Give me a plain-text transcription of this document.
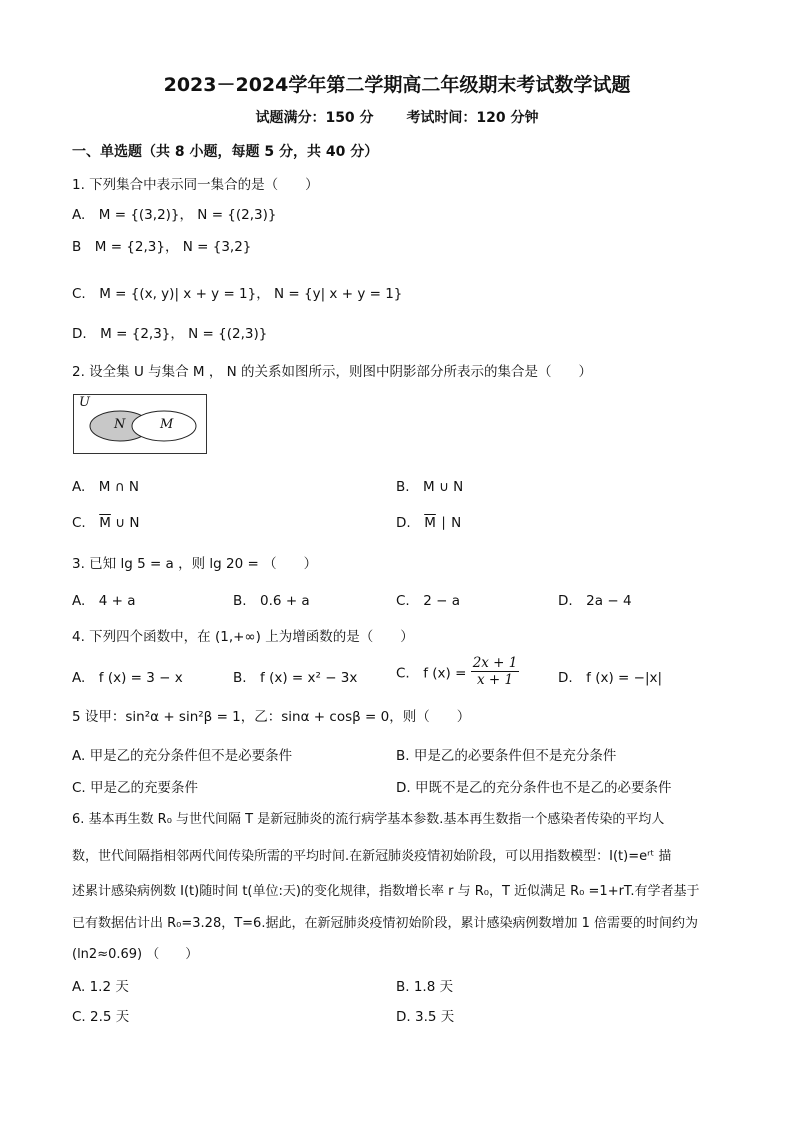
2023－2024学年第二学期高二年级期末考试数学试题
试题满分：150 分 考试时间：120 分钟
一、单选题（共 8 小题，每题 5 分，共 40 分）
1. 下列集合中表示同一集合的是（　　）
A.　M = {(3,2)}， N = {(2,3)}
B　M = {2,3}， N = {3,2}
C.　M = {(x, y)| x + y = 1}， N = {y| x + y = 1}
D.　M = {2,3}， N = {(2,3)}
2. 设全集 U 与集合 M ， N 的关系如图所示，则图中阴影部分所表示的集合是（　　）
U
N	M
A.　M ∩ N	B.　M ∪ N
C.　$\overline{M}$ ∪ N	D.　$\overline{M}$ ∣ N
3. 已知 lg 5 = a ，则 lg 20 = （　　）
A.　4 + a	B.　0.6 + a	C.　2 − a	D.　2a − 4
4. 下列四个函数中，在 (1,+∞) 上为增函数的是（　　）
A.　f (x) = 3 − x	B.　f (x) = x² − 3x	C.　f $(x) = \frac{2x + 1}{x + 1}$	D.　f (x) = −|x|
5 设甲：sin²α + sin²β = 1，乙：sinα + cosβ = 0，则（　　）
A. 甲是乙的充分条件但不是必要条件	B. 甲是乙的必要条件但不是充分条件
C. 甲是乙的充要条件	D. 甲既不是乙的充分条件也不是乙的必要条件
6. 基本再生数 R₀ 与世代间隔 T 是新冠肺炎的流行病学基本参数.基本再生数指一个感染者传染的平均人
数，世代间隔指相邻两代间传染所需的平均时间.在新冠肺炎疫情初始阶段，可以用指数模型：I(t)=eʳᵗ 描
述累计感染病例数 I(t)随时间 t(单位:天)的变化规律，指数增长率 r 与 R₀，T 近似满足 R₀ =1+rT.有学者基于
已有数据估计出 R₀=3.28，T=6.据此，在新冠肺炎疫情初始阶段，累计感染病例数增加 1 倍需要的时间约为
(ln2≈0.69) （　　）
A. 1.2 天	B. 1.8 天
C. 2.5 天	D. 3.5 天
